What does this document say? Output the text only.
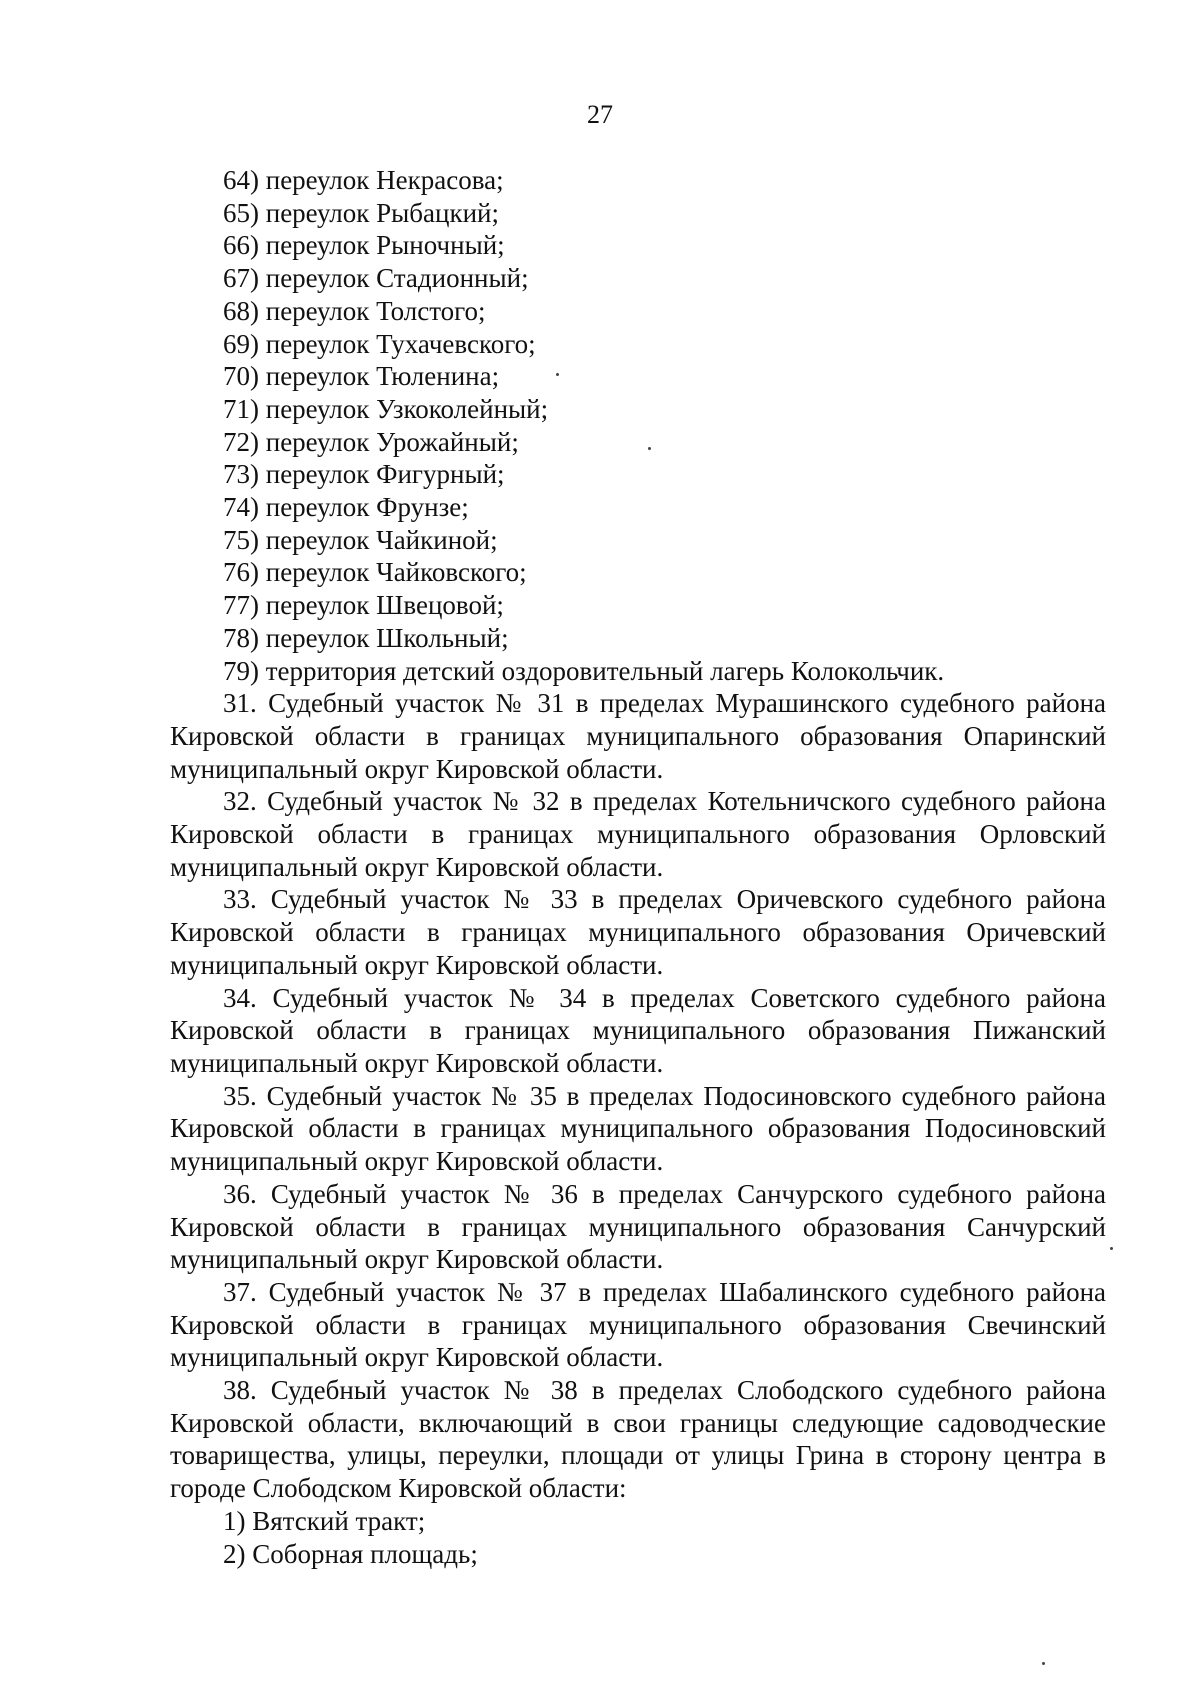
27

64) переулок Некрасова;

65) переулок Рыбацкий;

66) переулок Рыночный;

67) переулок Стадионный;

68) переулок Толстого;

69) переулок Тухачевского;

70) переулок Тюленина;

71) переулок Узкоколейный;

72) переулок Урожайный;

73) переулок Фигурный;

74) переулок Фрунзе;

75) переулок Чайкиной;

76) переулок Чайковского;

77) переулок Швецовой;

78) переулок Школьный;

79) территория детский оздоровительный лагерь Колокольчик.

31. Судебный участок № 31 в пределах Мурашинского судебного района Кировской области в границах муниципального образования Опаринский муниципальный округ Кировской области.

32. Судебный участок № 32 в пределах Котельничского судебного района Кировской области в границах муниципального образования Орловский муниципальный округ Кировской области.

33. Судебный участок № 33 в пределах Оричевского судебного района Кировской области в границах муниципального образования Оричевский муниципальный округ Кировской области.

34. Судебный участок № 34 в пределах Советского судебного района Кировской области в границах муниципального образования Пижанский муниципальный округ Кировской области.

35. Судебный участок № 35 в пределах Подосиновского судебного района Кировской области в границах муниципального образования Подосиновский муниципальный округ Кировской области.

36. Судебный участок № 36 в пределах Санчурского судебного района Кировской области в границах муниципального образования Санчурский муниципальный округ Кировской области.

37. Судебный участок № 37 в пределах Шабалинского судебного района Кировской области в границах муниципального образования Свечинский муниципальный округ Кировской области.

38. Судебный участок № 38 в пределах Слободского судебного района Кировской области, включающий в свои границы следующие садоводческие товарищества, улицы, переулки, площади от улицы Грина в сторону центра в городе Слободском Кировской области:

1) Вятский тракт;

2) Соборная площадь;
